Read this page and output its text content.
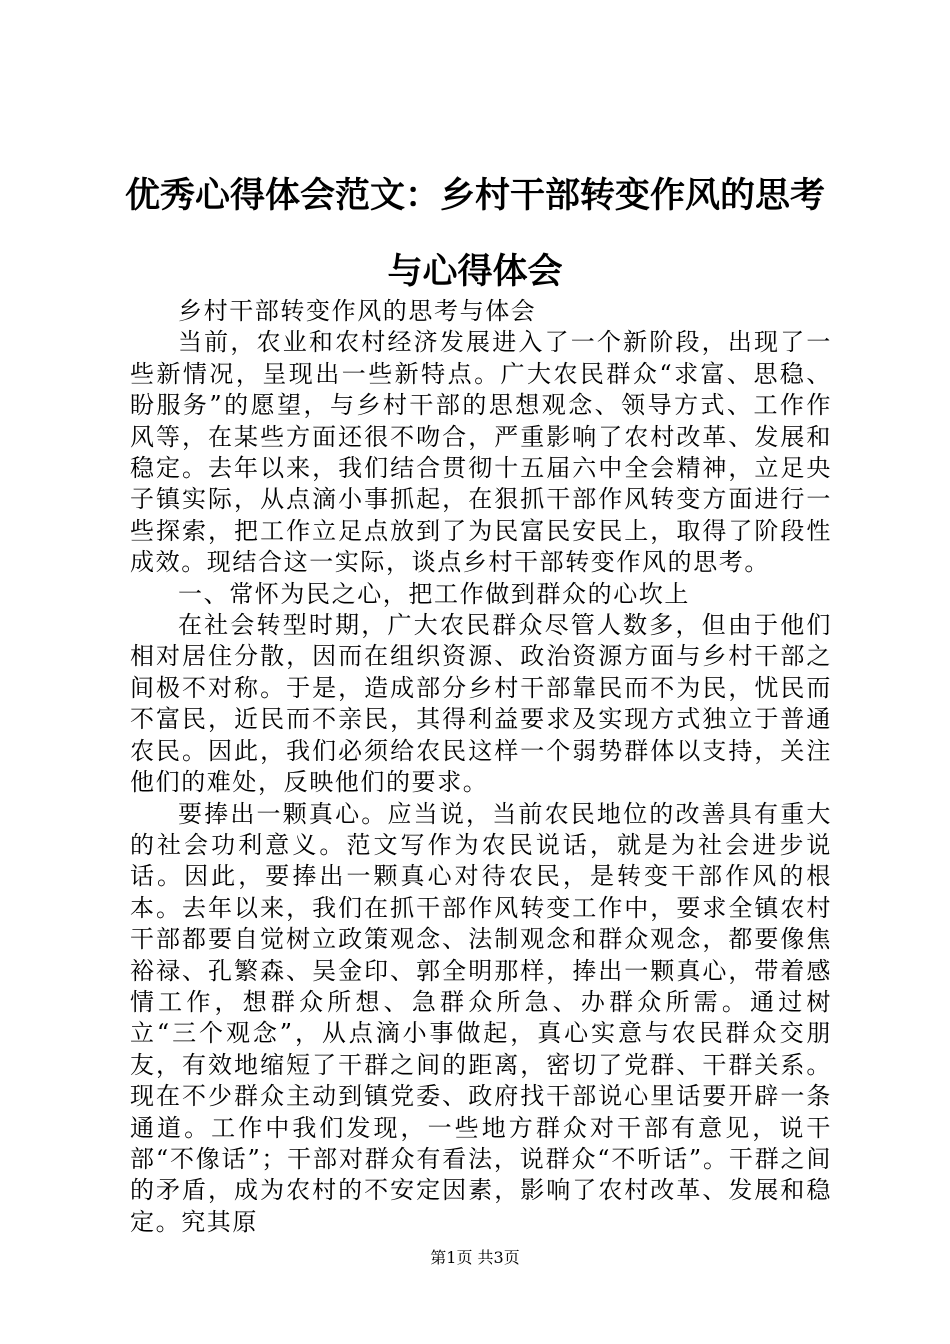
优秀心得体会范文：乡村干部转变作风的思考与心得体会

乡村干部转变作风的思考与体会

当前，农业和农村经济发展进入了一个新阶段，出现了一些新情况，呈现出一些新特点。广大农民群众“求富、思稳、盼服务”的愿望，与乡村干部的思想观念、领导方式、工作作风等，在某些方面还很不吻合，严重影响了农村改革、发展和稳定。去年以来，我们结合贯彻十五届六中全会精神，立足央子镇实际，从点滴小事抓起，在狠抓干部作风转变方面进行一些探索，把工作立足点放到了为民富民安民上，取得了阶段性成效。现结合这一实际，谈点乡村干部转变作风的思考。

一、常怀为民之心，把工作做到群众的心坎上

在社会转型时期，广大农民群众尽管人数多，但由于他们相对居住分散，因而在组织资源、政治资源方面与乡村干部之间极不对称。于是，造成部分乡村干部靠民而不为民，忧民而不富民，近民而不亲民，其得利益要求及实现方式独立于普通农民。因此，我们必须给农民这样一个弱势群体以支持，关注他们的难处，反映他们的要求。

要捧出一颗真心。应当说，当前农民地位的改善具有重大的社会功利意义。范文写作为农民说话，就是为社会进步说话。因此，要捧出一颗真心对待农民，是转变干部作风的根本。去年以来，我们在抓干部作风转变工作中，要求全镇农村干部都要自觉树立政策观念、法制观念和群众观念，都要像焦裕禄、孔繁森、吴金印、郭全明那样，捧出一颗真心，带着感情工作，想群众所想、急群众所急、办群众所需。通过树立“三个观念”，从点滴小事做起，真心实意与农民群众交朋友，有效地缩短了干群之间的距离，密切了党群、干群关系。现在不少群众主动到镇党委、政府找干部说心里话要开辟一条通道。工作中我们发现，一些地方群众对干部有意见，说干部“不像话”；干部对群众有看法，说群众“不听话”。干群之间的矛盾，成为农村的不安定因素，影响了农村改革、发展和稳定。究其原

第1页 共3页
